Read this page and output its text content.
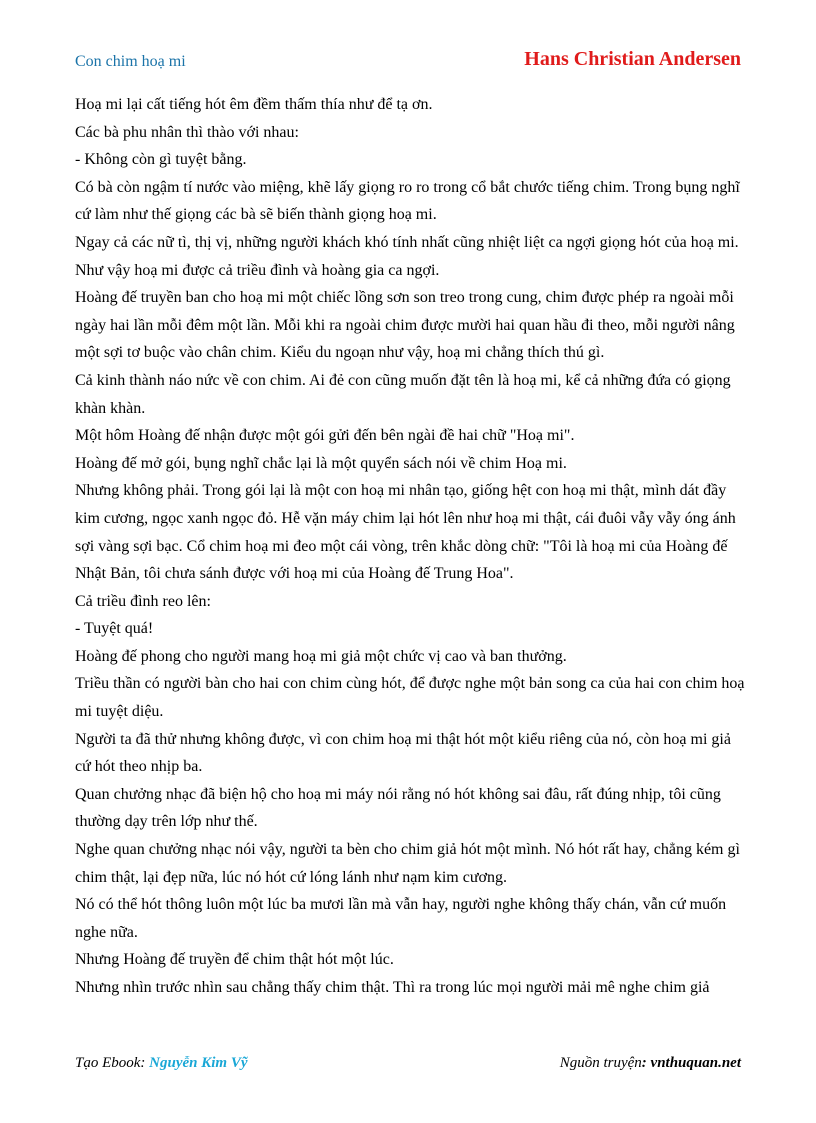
Con chim hoạ mi	Hans Christian Andersen

Hoạ mi lại cất tiếng hót êm đềm thấm thía như để tạ ơn.

Các bà phu nhân thì thào với nhau:

- Không còn gì tuyệt bằng.

Có bà còn ngậm tí nước vào miệng, khẽ lấy giọng ro ro trong cổ bắt chước tiếng chim. Trong bụng nghĩ cứ làm như thế giọng các bà sẽ biến thành giọng hoạ mi.

Ngay cả các nữ tì, thị vị, những người khách khó tính nhất cũng nhiệt liệt ca ngợi giọng hót của hoạ mi.

Như vậy hoạ mi được cả triều đình và hoàng gia ca ngợi.

Hoàng đế truyền ban cho hoạ mi một chiếc lồng sơn son treo trong cung, chim được phép ra ngoài mỗi ngày hai lần mỗi đêm một lần. Mỗi khi ra ngoài chim được mười hai quan hầu đi theo, mỗi người nâng một sợi tơ buộc vào chân chim. Kiểu du ngoạn như vậy, hoạ mi chẳng thích thú gì.

Cả kinh thành náo nức về con chim. Ai đẻ con cũng muốn đặt tên là hoạ mi, kể cả những đứa có giọng khàn khàn.

Một hôm Hoàng đế nhận được một gói gửi đến bên ngài đề hai chữ "Hoạ mi".

Hoàng đế mở gói, bụng nghĩ chắc lại là một quyển sách nói về chim Hoạ mi.

Nhưng không phải. Trong gói lại là một con hoạ mi nhân tạo, giống hệt con hoạ mi thật, mình dát đầy kim cương, ngọc xanh ngọc đỏ. Hễ vặn máy chim lại hót lên như hoạ mi thật, cái đuôi vẫy vẫy óng ánh sợi vàng sợi bạc. Cổ chim hoạ mi đeo một cái vòng, trên khắc dòng chữ: "Tôi là hoạ mi của Hoàng đế Nhật Bản, tôi chưa sánh được với hoạ mi của Hoàng đế Trung Hoa".

Cả triều đình reo lên:

- Tuyệt quá!

Hoàng đế phong cho người mang hoạ mi giả một chức vị cao và ban thưởng.

Triều thần có người bàn cho hai con chim cùng hót, để được nghe một bản song ca của hai con chim hoạ mi tuyệt diệu.

Người ta đã thử nhưng không được, vì con chim hoạ mi thật hót một kiểu riêng của nó, còn hoạ mi giả cứ hót theo nhịp ba.

Quan chưởng nhạc đã biện hộ cho hoạ mi máy nói rằng nó hót không sai đâu, rất đúng nhịp, tôi cũng thường dạy trên lớp như thế.

Nghe quan chưởng nhạc nói vậy, người ta bèn cho chim giả hót một mình. Nó hót rất hay, chẳng kém gì chim thật, lại đẹp nữa, lúc nó hót cứ lóng lánh như nạm kim cương.

Nó có thể hót thông luôn một lúc ba mươi lần mà vẫn hay, người nghe không thấy chán, vẫn cứ muốn nghe nữa.

Nhưng Hoàng đế truyền để chim thật hót một lúc.

Nhưng nhìn trước nhìn sau chẳng thấy chim thật. Thì ra trong lúc mọi người mải mê nghe chim giả

Tạo Ebook: Nguyễn Kim Vỹ	Nguồn truyện: vnthuquan.net
